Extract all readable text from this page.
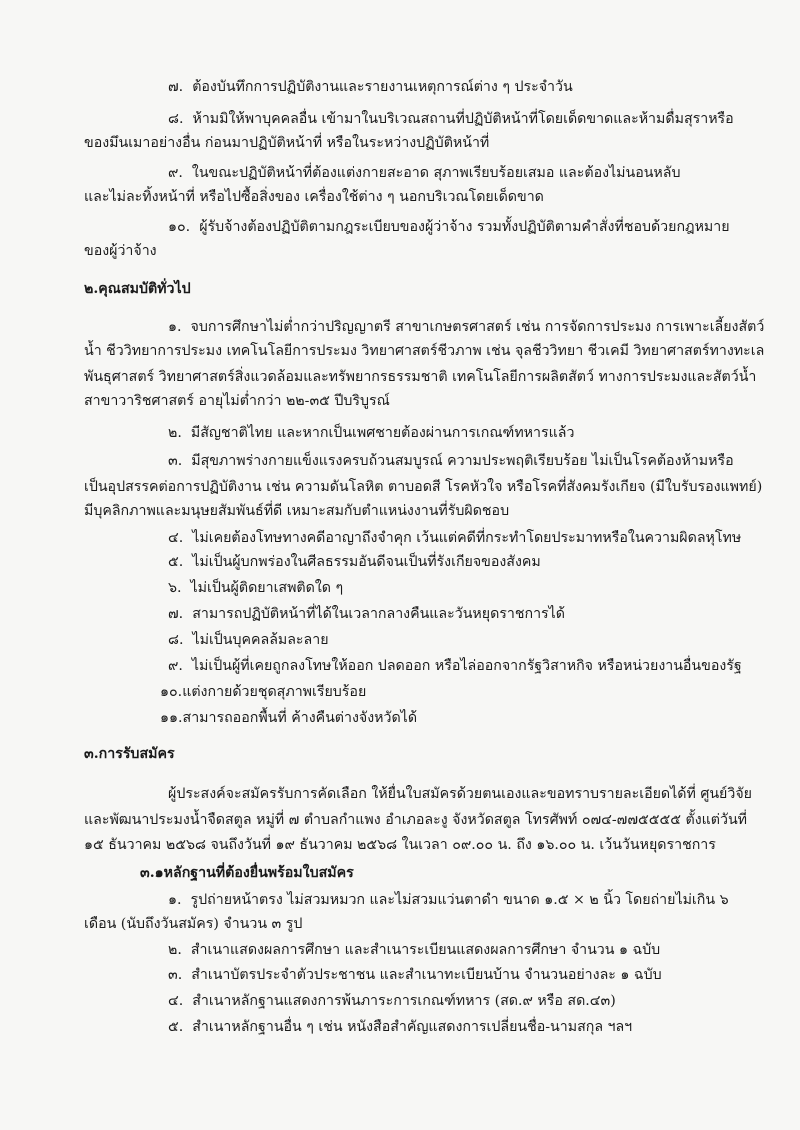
๗. ต้องบันทึกการปฏิบัติงานและรายงานเหตุการณ์ต่าง ๆ ประจำวัน
๘. ห้ามมิให้พาบุคคลอื่น เข้ามาในบริเวณสถานที่ปฏิบัติหน้าที่โดยเด็ดขาดและห้ามดื่มสุราหรือ
ของมึนเมาอย่างอื่น ก่อนมาปฏิบัติหน้าที่ หรือในระหว่างปฏิบัติหน้าที่
๙. ในขณะปฏิบัติหน้าที่ต้องแต่งกายสะอาด สุภาพเรียบร้อยเสมอ และต้องไม่นอนหลับ
และไม่ละทิ้งหน้าที่ หรือไปซื้อสิ่งของ เครื่องใช้ต่าง ๆ นอกบริเวณโดยเด็ดขาด
๑๐. ผู้รับจ้างต้องปฏิบัติตามกฎระเบียบของผู้ว่าจ้าง รวมทั้งปฏิบัติตามคำสั่งที่ชอบด้วยกฎหมาย
ของผู้ว่าจ้าง
๒.คุณสมบัติทั่วไป
๑. จบการศึกษาไม่ต่ำกว่าปริญญาตรี สาขาเกษตรศาสตร์ เช่น การจัดการประมง การเพาะเลี้ยงสัตว์
น้ำ ชีววิทยาการประมง เทคโนโลยีการประมง วิทยาศาสตร์ชีวภาพ เช่น จุลชีววิทยา ชีวเคมี วิทยาศาสตร์ทางทะเล
พันธุศาสตร์ วิทยาศาสตร์สิ่งแวดล้อมและทรัพยากรธรรมชาติ เทคโนโลยีการผลิตสัตว์ ทางการประมงและสัตว์น้ำ
สาขาวาริชศาสตร์ อายุไม่ต่ำกว่า ๒๒-๓๕ ปีบริบูรณ์
๒. มีสัญชาติไทย และหากเป็นเพศชายต้องผ่านการเกณฑ์ทหารแล้ว
๓. มีสุขภาพร่างกายแข็งแรงครบถ้วนสมบูรณ์ ความประพฤติเรียบร้อย ไม่เป็นโรคต้องห้ามหรือ
เป็นอุปสรรคต่อการปฏิบัติงาน เช่น ความดันโลหิต ตาบอดสี โรคหัวใจ หรือโรคที่สังคมรังเกียจ (มีใบรับรองแพทย์)
มีบุคลิกภาพและมนุษยสัมพันธ์ที่ดี เหมาะสมกับตำแหน่งงานที่รับผิดชอบ
๔. ไม่เคยต้องโทษทางคดีอาญาถึงจำคุก เว้นแต่คดีที่กระทำโดยประมาทหรือในความผิดลหุโทษ
๕. ไม่เป็นผู้บกพร่องในศีลธรรมอันดีจนเป็นที่รังเกียจของสังคม
๖. ไม่เป็นผู้ติดยาเสพติดใด ๆ
๗. สามารถปฏิบัติหน้าที่ได้ในเวลากลางคืนและวันหยุดราชการได้
๘. ไม่เป็นบุคคลล้มละลาย
๙. ไม่เป็นผู้ที่เคยถูกลงโทษให้ออก ปลดออก หรือไล่ออกจากรัฐวิสาหกิจ หรือหน่วยงานอื่นของรัฐ
๑๐.แต่งกายด้วยชุดสุภาพเรียบร้อย
๑๑.สามารถออกพื้นที่ ค้างคืนต่างจังหวัดได้
๓.การรับสมัคร
ผู้ประสงค์จะสมัครรับการคัดเลือก ให้ยื่นใบสมัครด้วยตนเองและขอทราบรายละเอียดได้ที่ ศูนย์วิจัย
และพัฒนาประมงน้ำจืดสตูล หมู่ที่ ๗ ตำบลกำแพง อำเภอละงู จังหวัดสตูล โทรศัพท์ ๐๗๔-๗๗๕๕๕๕ ตั้งแต่วันที่
๑๕ ธันวาคม ๒๕๖๘ จนถึงวันที่ ๑๙ ธันวาคม ๒๕๖๘ ในเวลา ๐๙.๐๐ น. ถึง ๑๖.๐๐ น. เว้นวันหยุดราชการ
๓.๑หลักฐานที่ต้องยื่นพร้อมใบสมัคร
๑. รูปถ่ายหน้าตรง ไม่สวมหมวก และไม่สวมแว่นตาดำ ขนาด ๑.๕ × ๒ นิ้ว โดยถ่ายไม่เกิน ๖
เดือน (นับถึงวันสมัคร) จำนวน ๓ รูป
๒. สำเนาแสดงผลการศึกษา และสำเนาระเบียนแสดงผลการศึกษา จำนวน ๑ ฉบับ
๓. สำเนาบัตรประจำตัวประชาชน และสำเนาทะเบียนบ้าน จำนวนอย่างละ ๑ ฉบับ
๔. สำเนาหลักฐานแสดงการพ้นภาระการเกณฑ์ทหาร (สด.๙ หรือ สด.๔๓)
๕. สำเนาหลักฐานอื่น ๆ เช่น หนังสือสำคัญแสดงการเปลี่ยนชื่อ-นามสกุล ฯลฯ
